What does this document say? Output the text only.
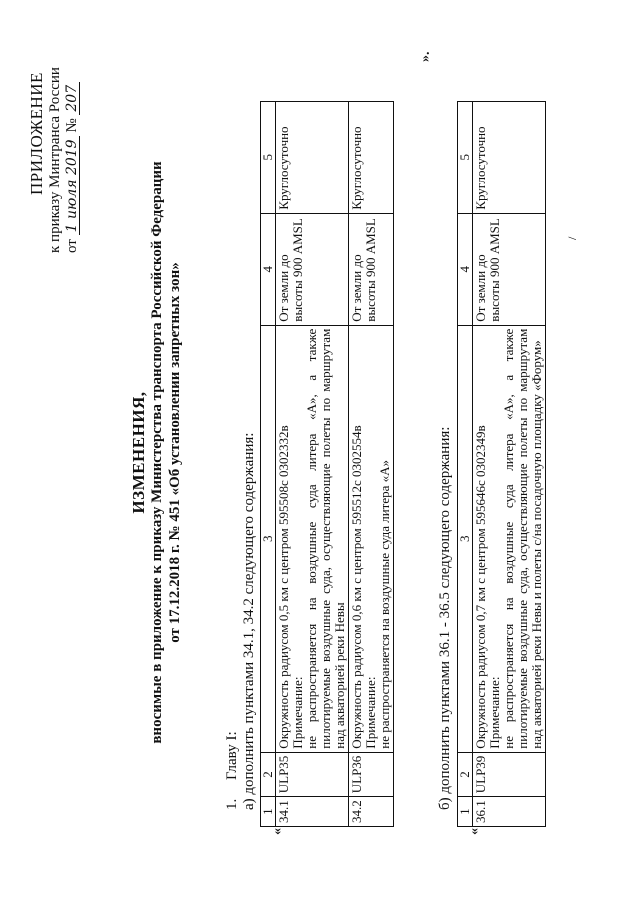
ПРИЛОЖЕНИЕ к приказу Минтранса России от 1 июля 2019 № 207
ИЗМЕНЕНИЯ, вносимые в приложение к приказу Министерства транспорта Российской Федерации от 17.12.2018 г. № 451 «Об установлении запретных зон»
1.     Главу I: а) дополнить пунктами 34.1, 34.2 следующего содержания:
«
1	2	3	4	5
34.1	ULP35	Окружность радиусом 0,5 км с центром 595508с 0302332в Примечание: не распространяется на воздушные суда литера «А», а также пилотируемые воздушные суда, осуществляющие полеты по маршрутам над акваторией реки Невы	От земли до высоты 900 AMSL	Круглосуточно
34.2	ULP36	Окружность радиусом 0,6 км с центром 595512с 0302554в Примечание: не распространяется на воздушные суда литера «А»	От земли до высоты 900 AMSL	Круглосуточно
».
б) дополнить пунктами 36.1 - 36.5 следующего содержания:
«
1	2	3	4	5
36.1	ULP39	Окружность радиусом 0,7 км с центром 595646с 0302349в Примечание: не распространяется на воздушные суда литера «А», а также пилотируемые воздушные суда, осуществляющие полеты по маршрутам над акваторией реки Невы и полеты с/на посадочную площадку «Форум»	От земли до высоты 900 AMSL	Круглосуточно
/
